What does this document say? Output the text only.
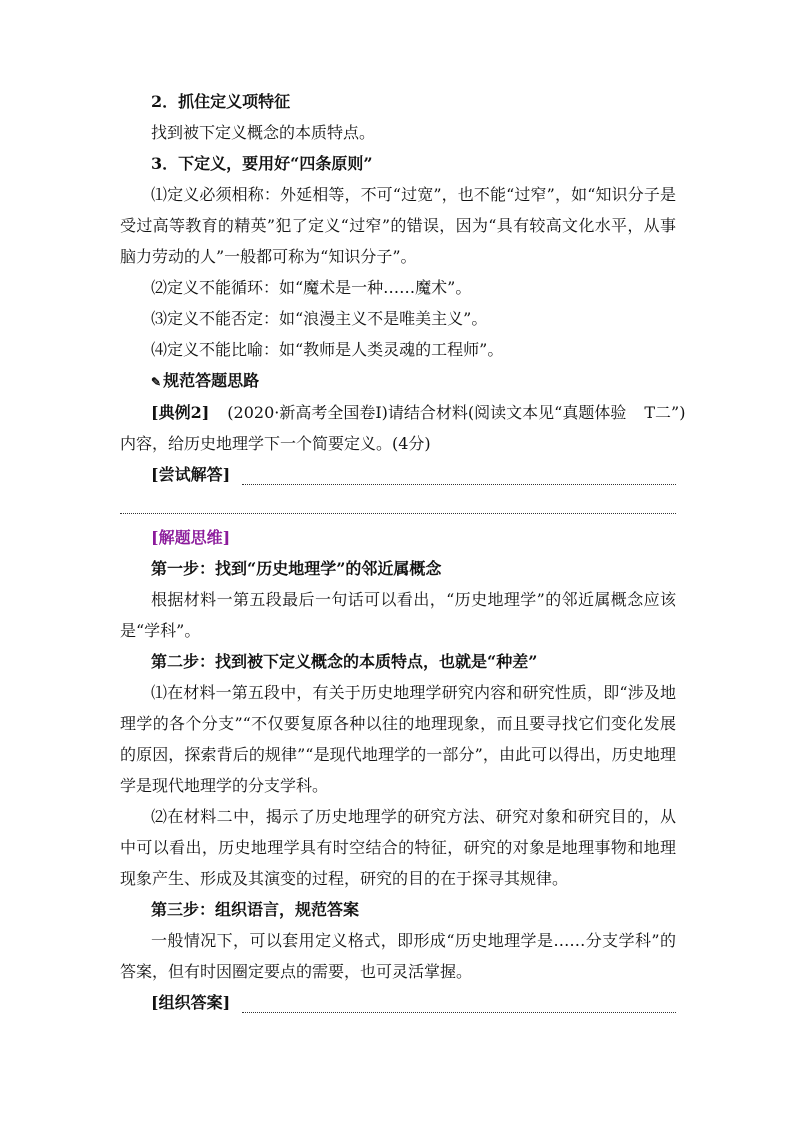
2．抓住定义项特征
找到被下定义概念的本质特点。
3．下定义，要用好“四条原则”
⑴定义必须相称：外延相等，不可“过宽”，也不能“过窄”，如“知识分子是受过高等教育的精英”犯了定义“过窄”的错误，因为“具有较高文化水平，从事脑力劳动的人”一般都可称为“知识分子”。
⑵定义不能循环：如“魔术是一种……魔术”。
⑶定义不能否定：如“浪漫主义不是唯美主义”。
⑷定义不能比喻：如“教师是人类灵魂的工程师”。
✎ 规范答题思路
[典例2] (2020·新高考全国卷Ⅰ)请结合材料(阅读文本见“真题体验 T二”)
内容，给历史地理学下一个简要定义。(4分)
[尝试解答]
[解题思维]
第一步：找到“历史地理学”的邻近属概念
根据材料一第五段最后一句话可以看出，“历史地理学”的邻近属概念应该是“学科”。
第二步：找到被下定义概念的本质特点，也就是“种差”
⑴在材料一第五段中，有关于历史地理学研究内容和研究性质，即“涉及地理学的各个分支”“不仅要复原各种以往的地理现象，而且要寻找它们变化发展的原因，探索背后的规律”“是现代地理学的一部分”，由此可以得出，历史地理学是现代地理学的分支学科。
⑵在材料二中，揭示了历史地理学的研究方法、研究对象和研究目的，从中可以看出，历史地理学具有时空结合的特征，研究的对象是地理事物和地理现象产生、形成及其演变的过程，研究的目的在于探寻其规律。
第三步：组织语言，规范答案
一般情况下，可以套用定义格式，即形成“历史地理学是……分支学科”的答案，但有时因圈定要点的需要，也可灵活掌握。
[组织答案]
